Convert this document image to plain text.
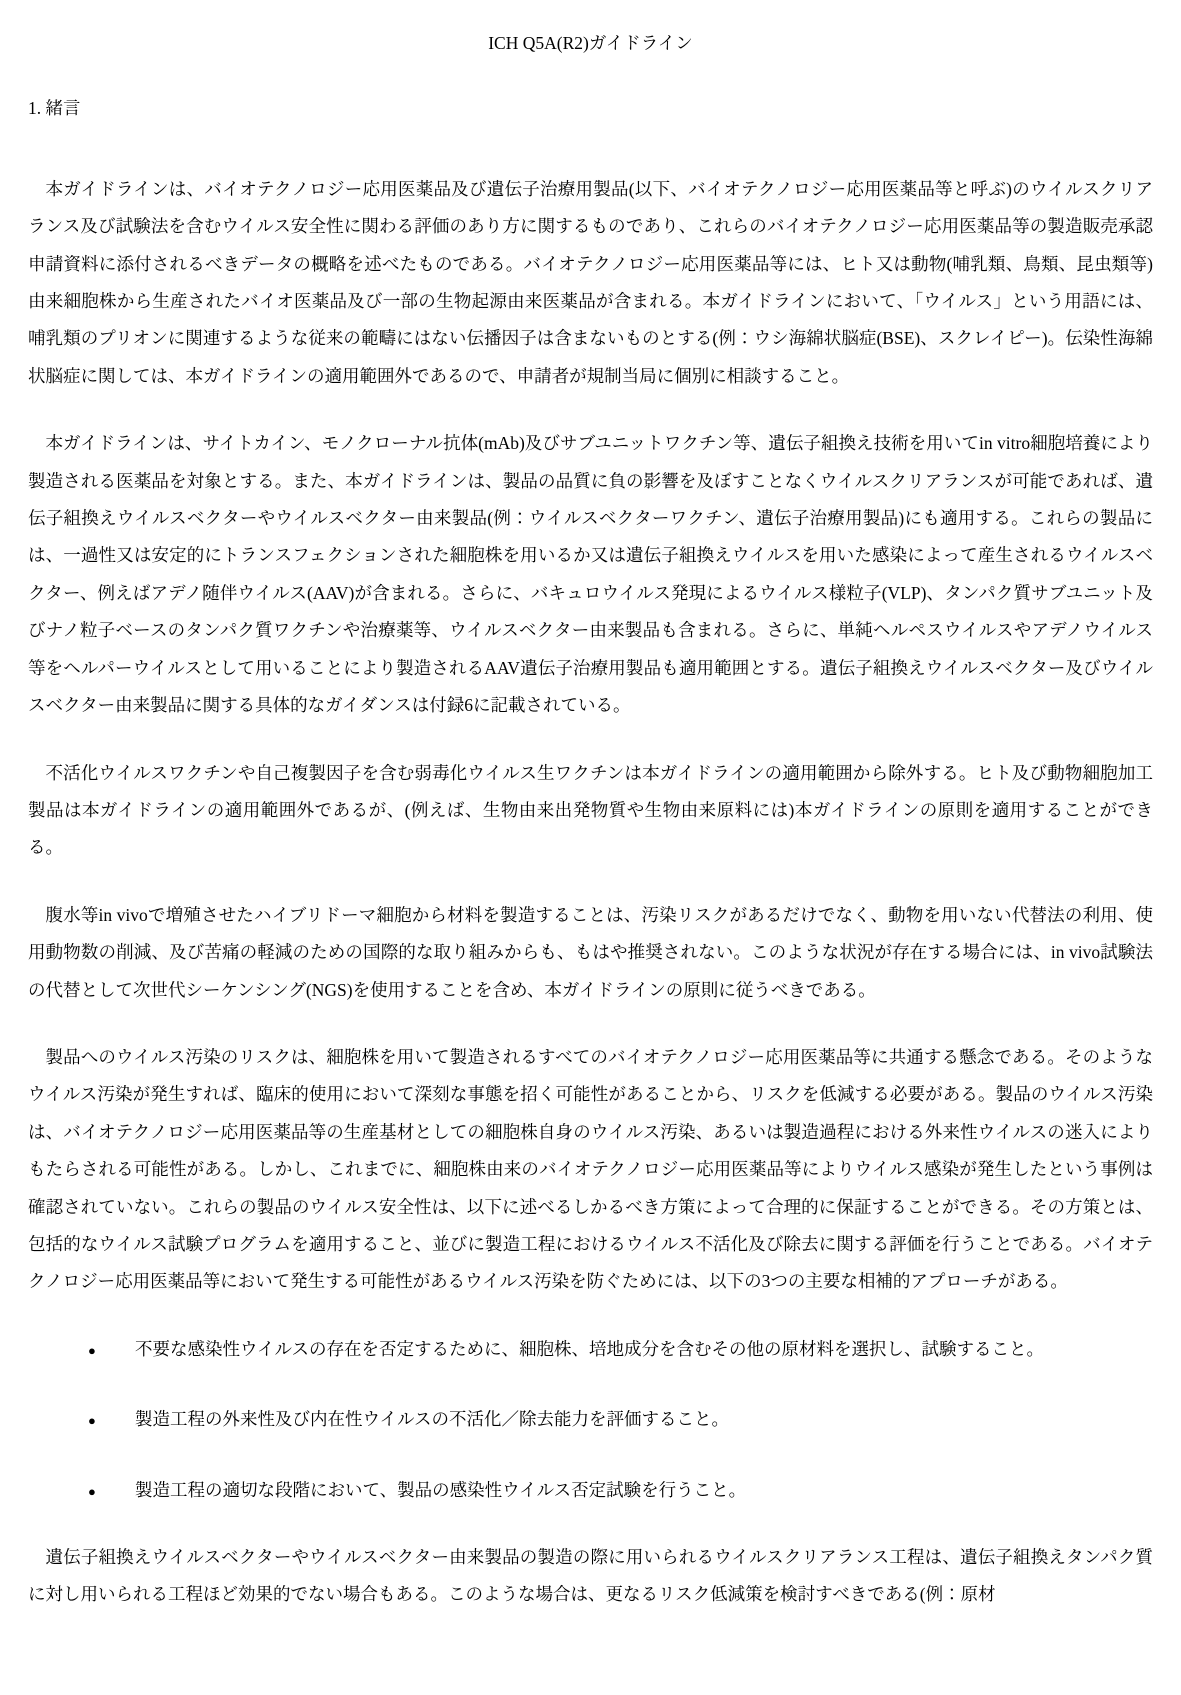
ICH Q5A(R2)ガイドライン
1. 緒言

本ガイドラインは、バイオテクノロジー応用医薬品及び遺伝子治療用製品(以下、バイオテクノロジー応用医薬品等と呼ぶ)のウイルスクリアランス及び試験法を含むウイルス安全性に関わる評価のあり方に関するものであり、これらのバイオテクノロジー応用医薬品等の製造販売承認申請資料に添付されるべきデータの概略を述べたものである。バイオテクノロジー応用医薬品等には、ヒト又は動物(哺乳類、鳥類、昆虫類等)由来細胞株から生産されたバイオ医薬品及び一部の生物起源由来医薬品が含まれる。本ガイドラインにおいて、「ウイルス」という用語には、哺乳類のプリオンに関連するような従来の範疇にはない伝播因子は含まないものとする(例：ウシ海綿状脳症(BSE)、スクレイピー)。伝染性海綿状脳症に関しては、本ガイドラインの適用範囲外であるので、申請者が規制当局に個別に相談すること。

本ガイドラインは、サイトカイン、モノクローナル抗体(mAb)及びサブユニットワクチン等、遺伝子組換え技術を用いてin vitro細胞培養により製造される医薬品を対象とする。また、本ガイドラインは、製品の品質に負の影響を及ぼすことなくウイルスクリアランスが可能であれば、遺伝子組換えウイルスベクターやウイルスベクター由来製品(例：ウイルスベクターワクチン、遺伝子治療用製品)にも適用する。これらの製品には、一過性又は安定的にトランスフェクションされた細胞株を用いるか又は遺伝子組換えウイルスを用いた感染によって産生されるウイルスベクター、例えばアデノ随伴ウイルス(AAV)が含まれる。さらに、バキュロウイルス発現によるウイルス様粒子(VLP)、タンパク質サブユニット及びナノ粒子ベースのタンパク質ワクチンや治療薬等、ウイルスベクター由来製品も含まれる。さらに、単純ヘルペスウイルスやアデノウイルス等をヘルパーウイルスとして用いることにより製造されるAAV遺伝子治療用製品も適用範囲とする。遺伝子組換えウイルスベクター及びウイルスベクター由来製品に関する具体的なガイダンスは付録6に記載されている。

不活化ウイルスワクチンや自己複製因子を含む弱毒化ウイルス生ワクチンは本ガイドラインの適用範囲から除外する。ヒト及び動物細胞加工製品は本ガイドラインの適用範囲外であるが、(例えば、生物由来出発物質や生物由来原料には)本ガイドラインの原則を適用することができる。

腹水等in vivoで増殖させたハイブリドーマ細胞から材料を製造することは、汚染リスクがあるだけでなく、動物を用いない代替法の利用、使用動物数の削減、及び苦痛の軽減のための国際的な取り組みからも、もはや推奨されない。このような状況が存在する場合には、in vivo試験法の代替として次世代シーケンシング(NGS)を使用することを含め、本ガイドラインの原則に従うべきである。

製品へのウイルス汚染のリスクは、細胞株を用いて製造されるすべてのバイオテクノロジー応用医薬品等に共通する懸念である。そのようなウイルス汚染が発生すれば、臨床的使用において深刻な事態を招く可能性があることから、リスクを低減する必要がある。製品のウイルス汚染は、バイオテクノロジー応用医薬品等の生産基材としての細胞株自身のウイルス汚染、あるいは製造過程における外来性ウイルスの迷入によりもたらされる可能性がある。しかし、これまでに、細胞株由来のバイオテクノロジー応用医薬品等によりウイルス感染が発生したという事例は確認されていない。これらの製品のウイルス安全性は、以下に述べるしかるべき方策によって合理的に保証することができる。その方策とは、包括的なウイルス試験プログラムを適用すること、並びに製造工程におけるウイルス不活化及び除去に関する評価を行うことである。バイオテクノロジー応用医薬品等において発生する可能性があるウイルス汚染を防ぐためには、以下の3つの主要な相補的アプローチがある。

● 不要な感染性ウイルスの存在を否定するために、細胞株、培地成分を含むその他の原材料を選択し、試験すること。
● 製造工程の外来性及び内在性ウイルスの不活化／除去能力を評価すること。
● 製造工程の適切な段階において、製品の感染性ウイルス否定試験を行うこと。

遺伝子組換えウイルスベクターやウイルスベクター由来製品の製造の際に用いられるウイルスクリアランス工程は、遺伝子組換えタンパク質に対し用いられる工程ほど効果的でない場合もある。このような場合は、更なるリスク低減策を検討すべきである(例：原材
